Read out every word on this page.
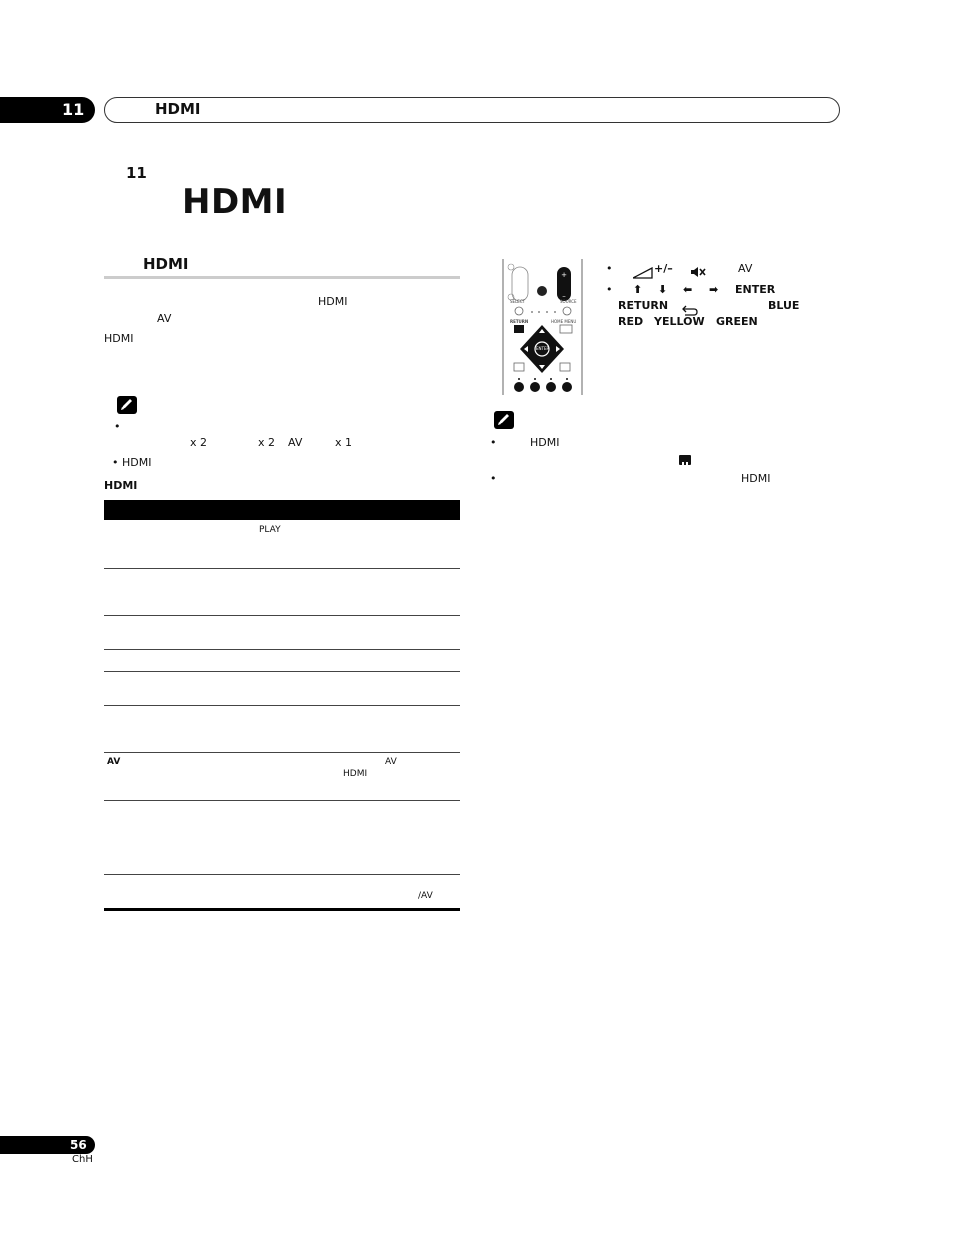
11	HDMI
11
HDMI
HDMI
HDMI
AV
HDMI
•
x 2	x 2 AV	x 1
• HDMI
HDMI
PLAY
AV	AV
HDMI
/AV
+
–
SELECT	SOURCE
RETURN	HOME MENU
ENTER
•	+/–	AV
• ⬆ ⬇ ⬅ ➡ ENTER
RETURN	BLUE
RED YELLOW GREEN
•	HDMI
•	HDMI
56
ChH
